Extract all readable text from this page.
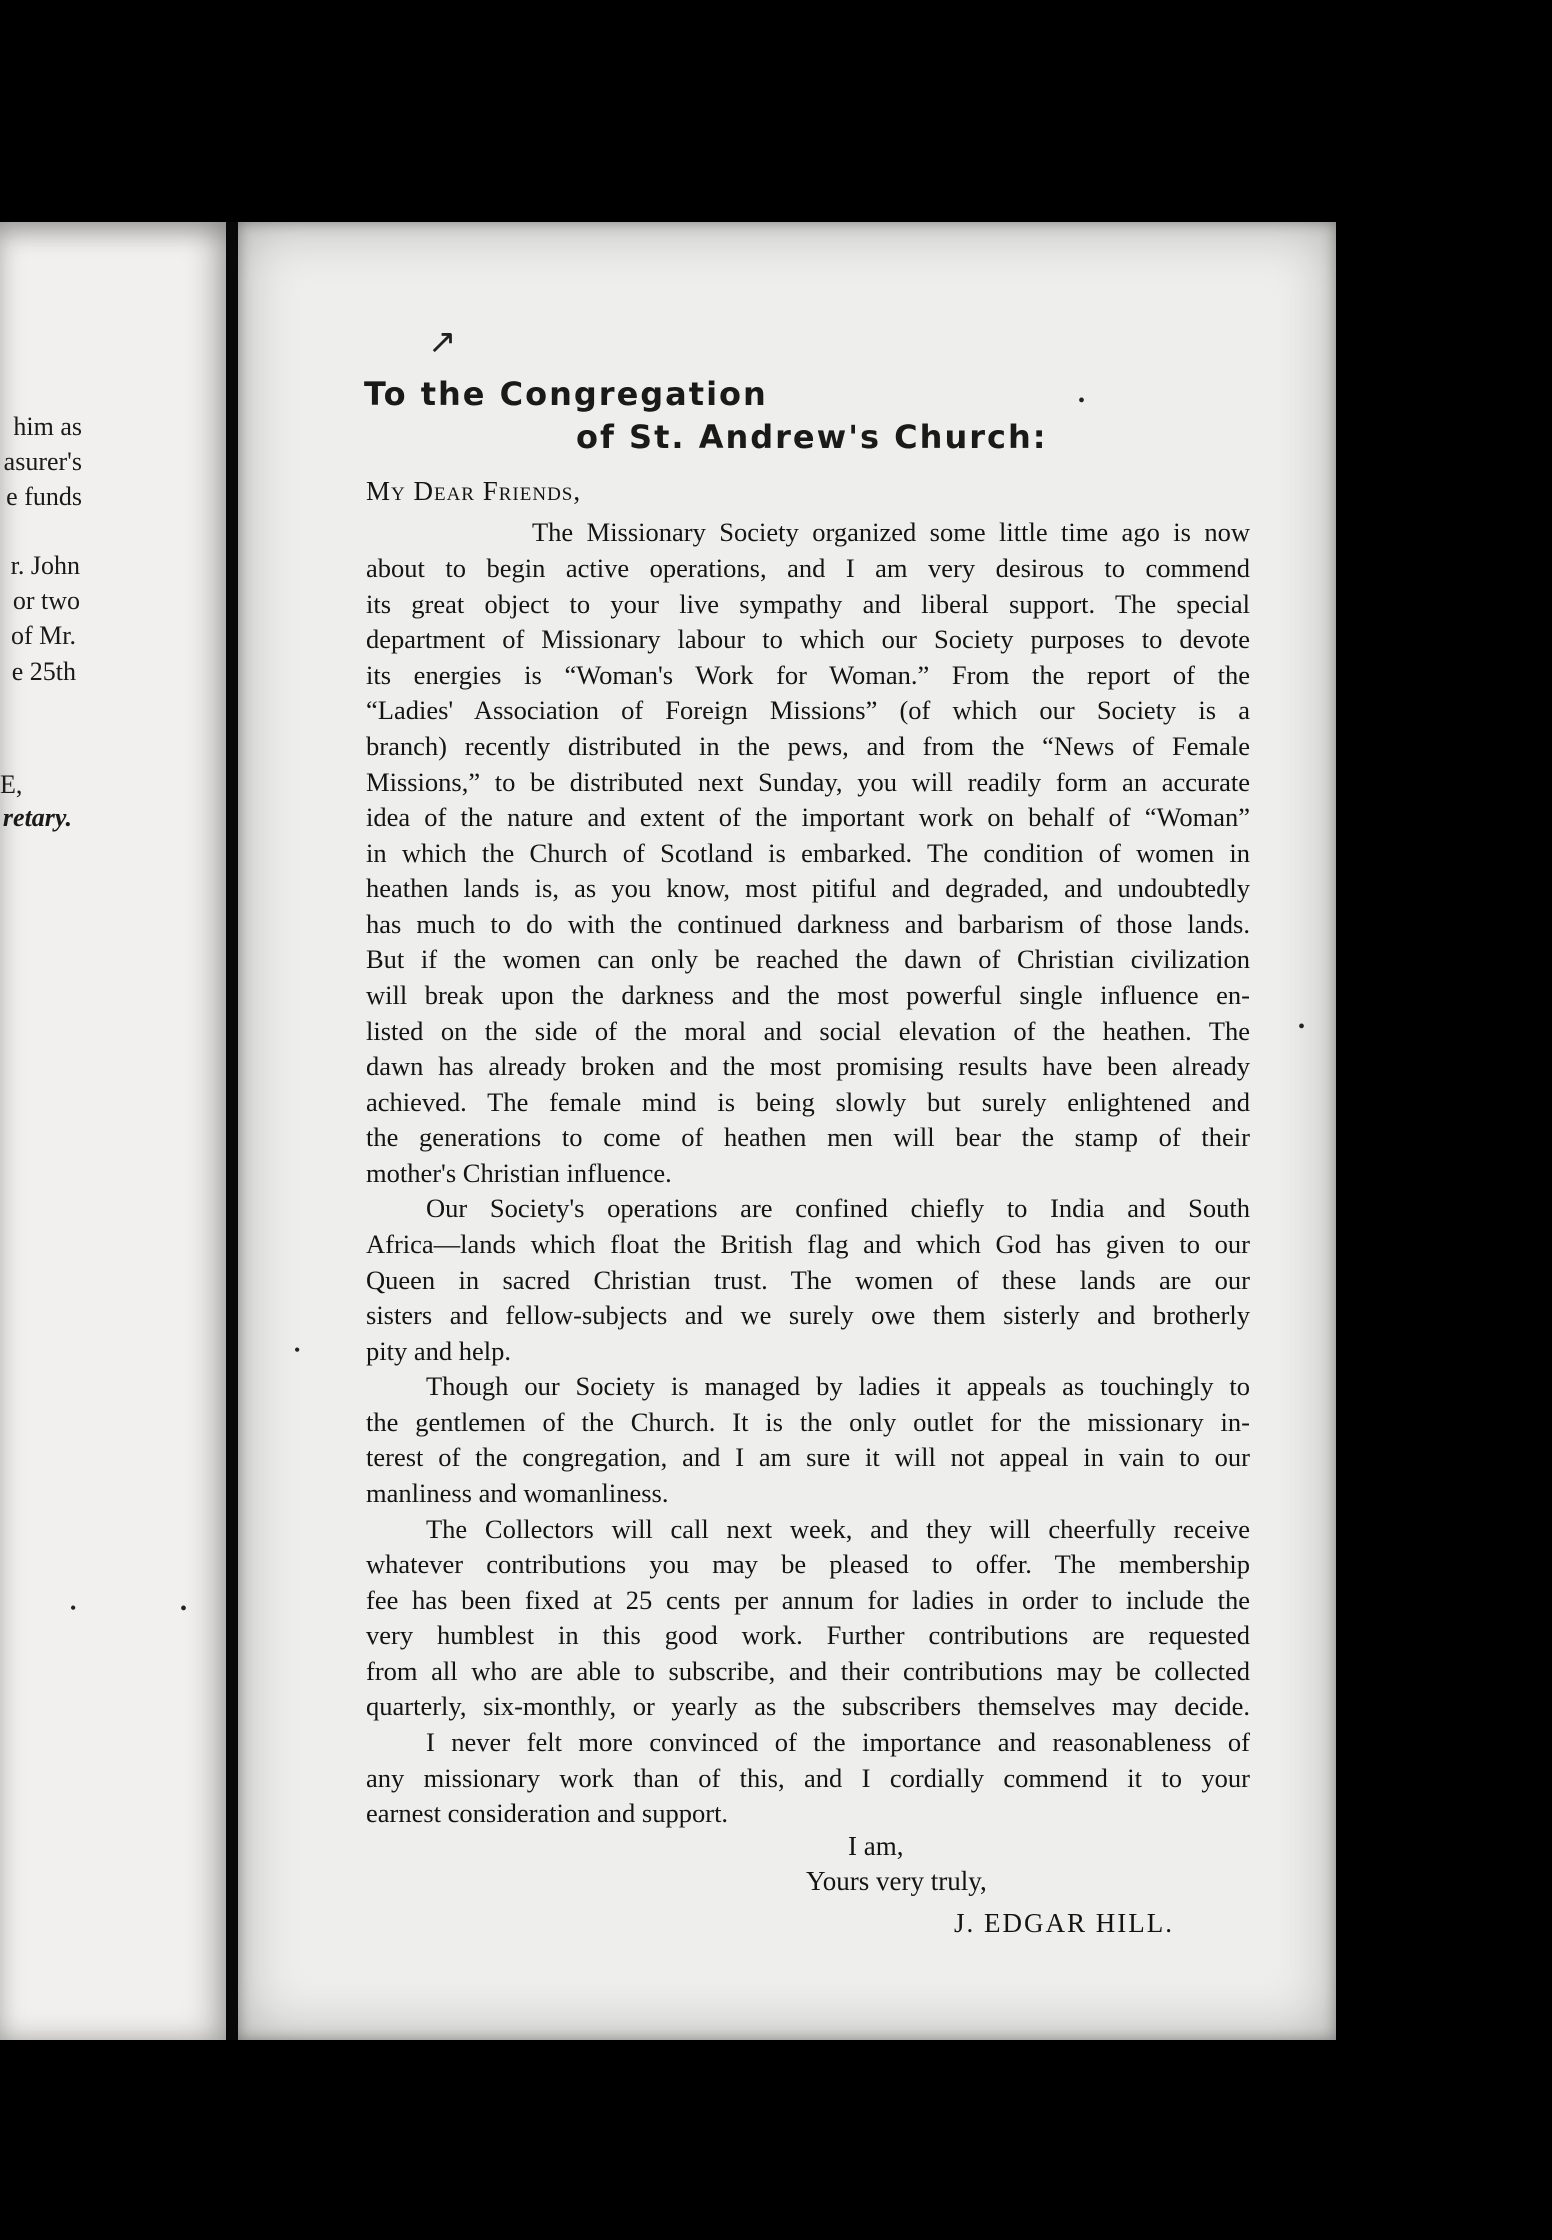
him as
asurer's
e funds
r. John
or two
of Mr.
e 25th
E,
retary.
To the Congregation
of St. Andrew's Church:
↗
My Dear Friends,
The Missionary Society organized some little time ago is now
about to begin active operations, and I am very desirous to commend
its great object to your live sympathy and liberal support. The special
department of Missionary labour to which our Society purposes to devote
its energies is “Woman's Work for Woman.” From the report of the
“Ladies' Association of Foreign Missions” (of which our Society is a
branch) recently distributed in the pews, and from the “News of Female
Missions,” to be distributed next Sunday, you will readily form an accurate
idea of the nature and extent of the important work on behalf of “Woman”
in which the Church of Scotland is embarked. The condition of women in
heathen lands is, as you know, most pitiful and degraded, and undoubtedly
has much to do with the continued darkness and barbarism of those lands.
But if the women can only be reached the dawn of Christian civilization
will break upon the darkness and the most powerful single influence en-
listed on the side of the moral and social elevation of the heathen. The
dawn has already broken and the most promising results have been already
achieved. The female mind is being slowly but surely enlightened and
the generations to come of heathen men will bear the stamp of their
mother's Christian influence.
Our Society's operations are confined chiefly to India and South
Africa—lands which float the British flag and which God has given to our
Queen in sacred Christian trust. The women of these lands are our
sisters and fellow-subjects and we surely owe them sisterly and brotherly
pity and help.
Though our Society is managed by ladies it appeals as touchingly to
the gentlemen of the Church. It is the only outlet for the missionary in-
terest of the congregation, and I am sure it will not appeal in vain to our
manliness and womanliness.
The Collectors will call next week, and they will cheerfully receive
whatever contributions you may be pleased to offer. The membership
fee has been fixed at 25 cents per annum for ladies in order to include the
very humblest in this good work. Further contributions are requested
from all who are able to subscribe, and their contributions may be collected
quarterly, six-monthly, or yearly as the subscribers themselves may decide.
I never felt more convinced of the importance and reasonableness of
any missionary work than of this, and I cordially commend it to your
earnest consideration and support.
I am,
Yours very truly,
J. EDGAR HILL.
•
•
•
•
•
